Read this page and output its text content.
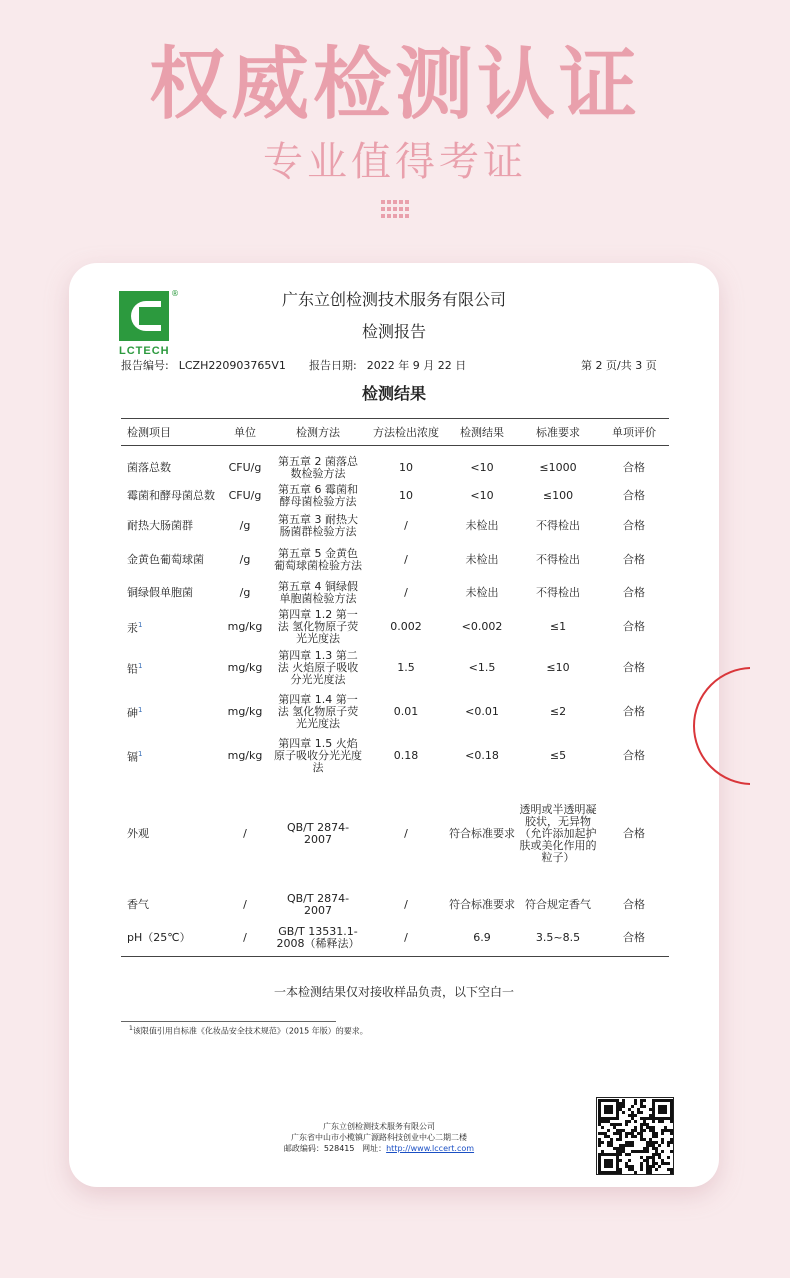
权威检测认证
专业值得考证
®
LCTECH
广东立创检测技术服务有限公司
检测报告
报告编号: LCZH220903765V1 报告日期: 2022 年 9 月 22 日	第 2 页/共 3 页
检测结果
检测项目	单位	检测方法	方法检出浓度	检测结果	标准要求	单项评价
菌落总数	CFU/g	第五章 2 菌落总数检验方法	10	<10	≤1000	合格
霉菌和酵母菌总数	CFU/g	第五章 6 霉菌和酵母菌检验方法	10	<10	≤100	合格
耐热大肠菌群	/g	第五章 3 耐热大肠菌群检验方法	/	未检出	不得检出	合格
金黄色葡萄球菌	/g	第五章 5 金黄色葡萄球菌检验方法	/	未检出	不得检出	合格
铜绿假单胞菌	/g	第五章 4 铜绿假单胞菌检验方法	/	未检出	不得检出	合格
汞$^1$	mg/kg	第四章 1.2 第一法 氢化物原子荧光光度法	0.002	<0.002	≤1	合格
铅$^1$	mg/kg	第四章 1.3 第二法 火焰原子吸收分光光度法	1.5	<1.5	≤10	合格
砷$^1$	mg/kg	第四章 1.4 第一法 氢化物原子荧光光度法	0.01	<0.01	≤2	合格
镉$^1$	mg/kg	第四章 1.5 火焰原子吸收分光光度法	0.18	<0.18	≤5	合格
外观	/	QB/T 2874-2007	/	符合标准要求	透明或半透明凝胶状，无异物（允许添加起护肤或美化作用的粒子）	合格
香气	/	QB/T 2874-2007	/	符合标准要求	符合规定香气	合格
pH（25℃）	/	GB/T 13531.1-2008（稀释法）	/	6.9	3.5~8.5	合格
一本检测结果仅对接收样品负责，以下空白一
$^1$该限值引用自标准《化妆品安全技术规范》（2015 年版）的要求。
广东立创检测技术服务有限公司
广东省中山市小榄镇广源路科技创业中心二期二楼
邮政编码：528415 网址：http://www.lccert.com
